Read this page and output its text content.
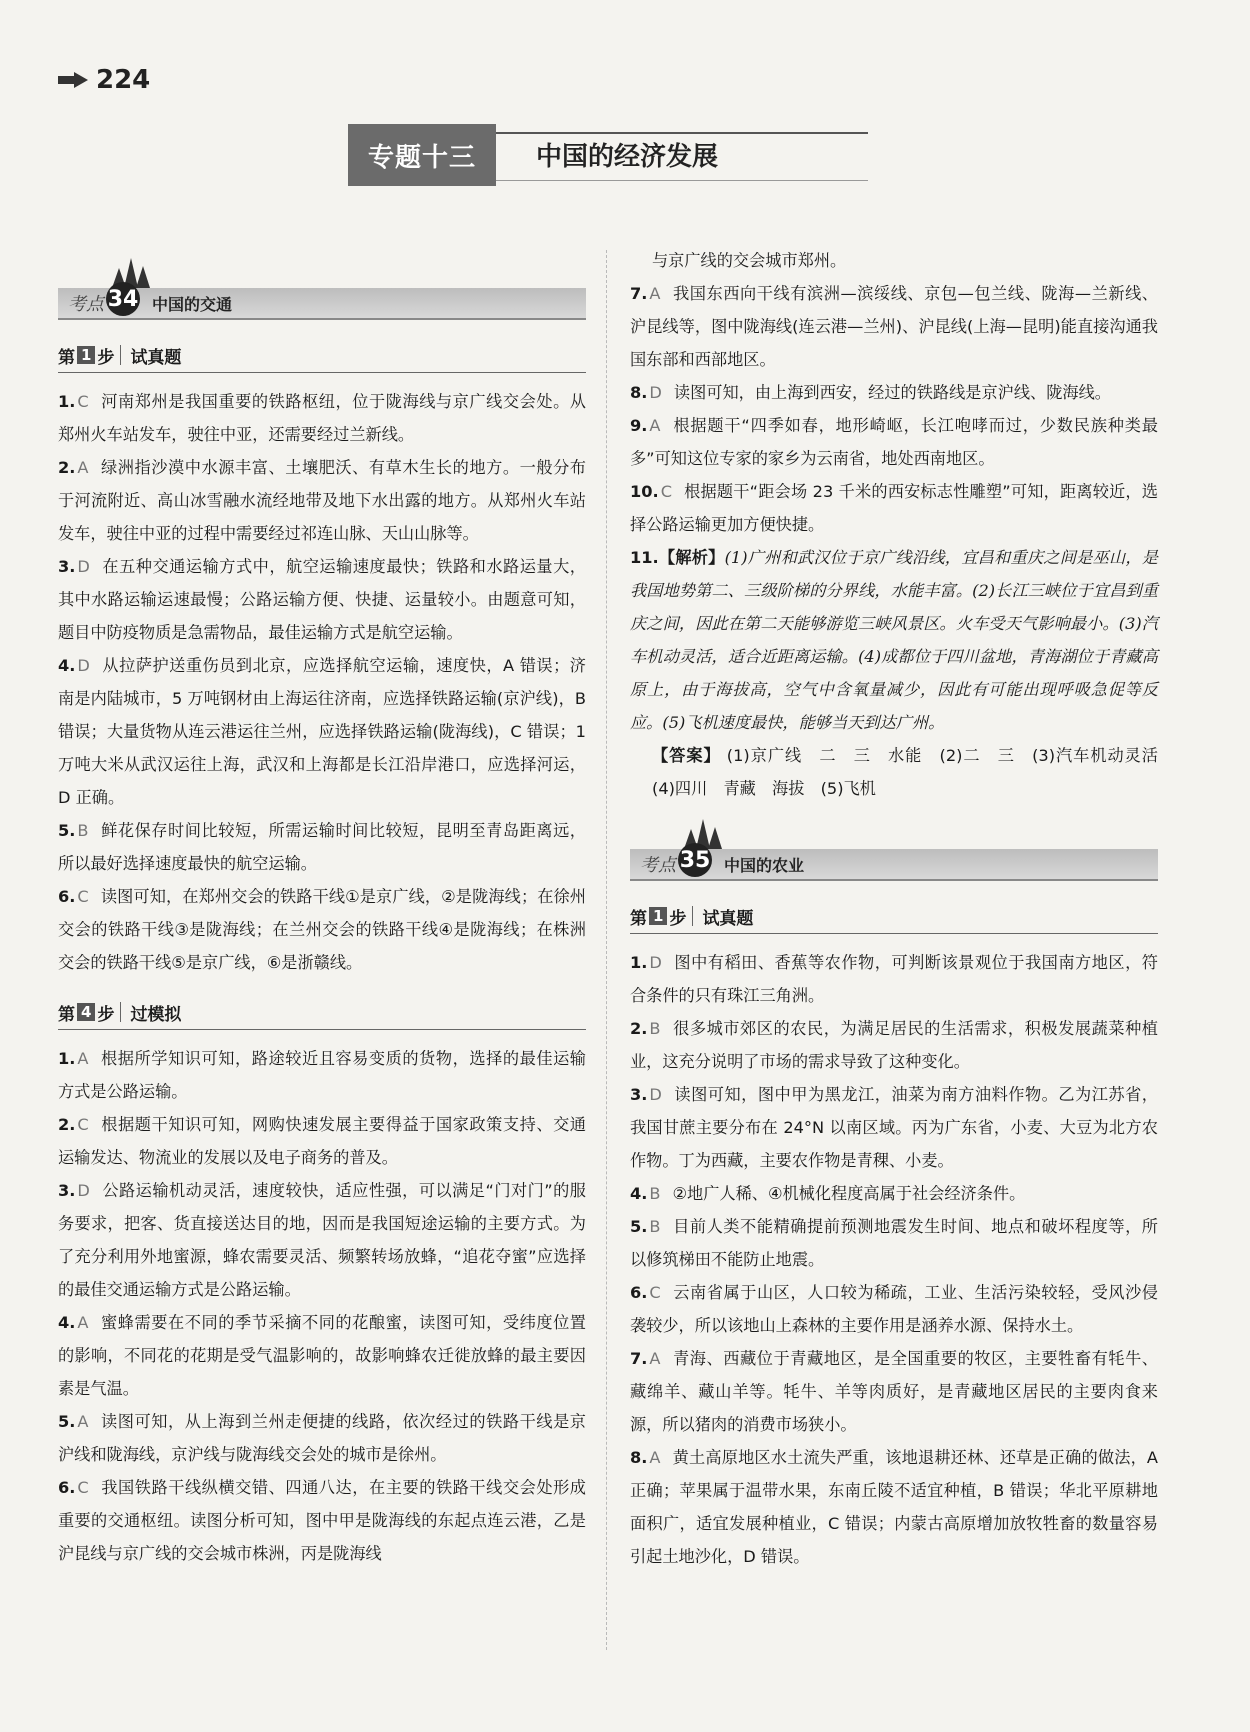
224
专题十三	中国的经济发展
考点 34 中国的交通
第 1 步 试真题
1. C 河南郑州是我国重要的铁路枢纽，位于陇海线与京广线交会处。从郑州火车站发车，驶往中亚，还需要经过兰新线。
2. A 绿洲指沙漠中水源丰富、土壤肥沃、有草木生长的地方。一般分布于河流附近、高山冰雪融水流经地带及地下水出露的地方。从郑州火车站发车，驶往中亚的过程中需要经过祁连山脉、天山山脉等。
3. D 在五种交通运输方式中，航空运输速度最快；铁路和水路运量大，其中水路运输运速最慢；公路运输方便、快捷、运量较小。由题意可知，题目中防疫物质是急需物品，最佳运输方式是航空运输。
4. D 从拉萨护送重伤员到北京，应选择航空运输，速度快，A 错误；济南是内陆城市，5 万吨钢材由上海运往济南，应选择铁路运输(京沪线)，B 错误；大量货物从连云港运往兰州，应选择铁路运输(陇海线)，C 错误；1 万吨大米从武汉运往上海，武汉和上海都是长江沿岸港口，应选择河运，D 正确。
5. B 鲜花保存时间比较短，所需运输时间比较短，昆明至青岛距离远，所以最好选择速度最快的航空运输。
6. C 读图可知，在郑州交会的铁路干线①是京广线，②是陇海线；在徐州交会的铁路干线③是陇海线；在兰州交会的铁路干线④是陇海线；在株洲交会的铁路干线⑤是京广线，⑥是浙赣线。
第 4 步 过模拟
1. A 根据所学知识可知，路途较近且容易变质的货物，选择的最佳运输方式是公路运输。
2. C 根据题干知识可知，网购快速发展主要得益于国家政策支持、交通运输发达、物流业的发展以及电子商务的普及。
3. D 公路运输机动灵活，速度较快，适应性强，可以满足“门对门”的服务要求，把客、货直接送达目的地，因而是我国短途运输的主要方式。为了充分利用外地蜜源，蜂农需要灵活、频繁转场放蜂，“追花夺蜜”应选择的最佳交通运输方式是公路运输。
4. A 蜜蜂需要在不同的季节采摘不同的花酿蜜，读图可知，受纬度位置的影响，不同花的花期是受气温影响的，故影响蜂农迁徙放蜂的最主要因素是气温。
5. A 读图可知，从上海到兰州走便捷的线路，依次经过的铁路干线是京沪线和陇海线，京沪线与陇海线交会处的城市是徐州。
6. C 我国铁路干线纵横交错、四通八达，在主要的铁路干线交会处形成重要的交通枢纽。读图分析可知，图中甲是陇海线的东起点连云港，乙是沪昆线与京广线的交会城市株洲，丙是陇海线
与京广线的交会城市郑州。
7. A 我国东西向干线有滨洲—滨绥线、京包—包兰线、陇海—兰新线、沪昆线等，图中陇海线(连云港—兰州)、沪昆线(上海—昆明)能直接沟通我国东部和西部地区。
8. D 读图可知，由上海到西安，经过的铁路线是京沪线、陇海线。
9. A 根据题干“四季如春，地形崎岖，长江咆哮而过，少数民族种类最多”可知这位专家的家乡为云南省，地处西南地区。
10. C 根据题干“距会场 23 千米的西安标志性雕塑”可知，距离较近，选择公路运输更加方便快捷。
11.【解析】(1)广州和武汉位于京广线沿线，宜昌和重庆之间是巫山，是我国地势第二、三级阶梯的分界线，水能丰富。(2)长江三峡位于宜昌到重庆之间，因此在第二天能够游览三峡风景区。火车受天气影响最小。(3)汽车机动灵活，适合近距离运输。(4)成都位于四川盆地，青海湖位于青藏高原上，由于海拔高，空气中含氧量减少，因此有可能出现呼吸急促等反应。(5)飞机速度最快，能够当天到达广州。
【答案】 (1)京广线　二　三　水能　(2)二　三　(3)汽车机动灵活　(4)四川　青藏　海拔　(5)飞机
考点 35 中国的农业
第 1 步 试真题
1. D 图中有稻田、香蕉等农作物，可判断该景观位于我国南方地区，符合条件的只有珠江三角洲。
2. B 很多城市郊区的农民，为满足居民的生活需求，积极发展蔬菜种植业，这充分说明了市场的需求导致了这种变化。
3. D 读图可知，图中甲为黑龙江，油菜为南方油料作物。乙为江苏省，我国甘蔗主要分布在 24°N 以南区域。丙为广东省，小麦、大豆为北方农作物。丁为西藏，主要农作物是青稞、小麦。
4. B ②地广人稀、④机械化程度高属于社会经济条件。
5. B 目前人类不能精确提前预测地震发生时间、地点和破坏程度等，所以修筑梯田不能防止地震。
6. C 云南省属于山区，人口较为稀疏，工业、生活污染较轻，受风沙侵袭较少，所以该地山上森林的主要作用是涵养水源、保持水土。
7. A 青海、西藏位于青藏地区，是全国重要的牧区，主要牲畜有牦牛、藏绵羊、藏山羊等。牦牛、羊等肉质好，是青藏地区居民的主要肉食来源，所以猪肉的消费市场狭小。
8. A 黄土高原地区水土流失严重，该地退耕还林、还草是正确的做法，A 正确；苹果属于温带水果，东南丘陵不适宜种植，B 错误；华北平原耕地面积广，适宜发展种植业，C 错误；内蒙古高原增加放牧牲畜的数量容易引起土地沙化，D 错误。
